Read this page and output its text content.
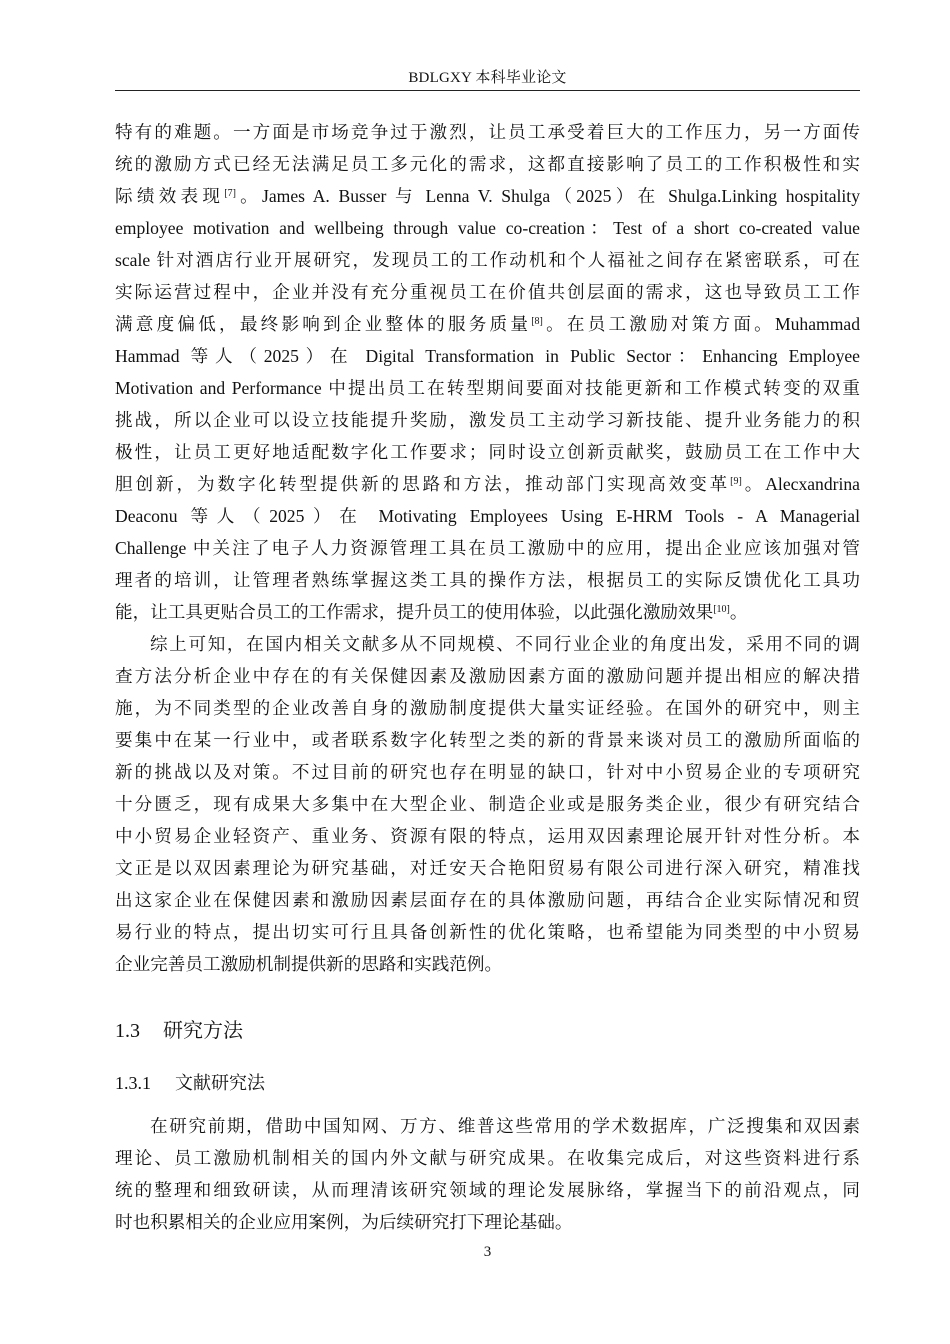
BDLGXY 本科毕业论文
特有的难题。一方面是市场竞争过于激烈，让员工承受着巨大的工作压力，另一方面传
统的激励方式已经无法满足员工多元化的需求，这都直接影响了员工的工作积极性和实
际绩效表现[7]。James A. Busser 与 Lenna V. Shulga（2025）在 Shulga.Linking hospitality
employee motivation and wellbeing through value co-creation：Test of a short co-created value
scale 针对酒店行业开展研究，发现员工的工作动机和个人福祉之间存在紧密联系，可在
实际运营过程中，企业并没有充分重视员工在价值共创层面的需求，这也导致员工工作
满意度偏低，最终影响到企业整体的服务质量[8]。在员工激励对策方面。Muhammad
Hammad 等人（2025）在 Digital Transformation in Public Sector：Enhancing Employee
Motivation and Performance 中提出员工在转型期间要面对技能更新和工作模式转变的双重
挑战，所以企业可以设立技能提升奖励，激发员工主动学习新技能、提升业务能力的积
极性，让员工更好地适配数字化工作要求；同时设立创新贡献奖，鼓励员工在工作中大
胆创新，为数字化转型提供新的思路和方法，推动部门实现高效变革[9]。Alecxandrina
Deaconu 等人（2025）在 Motivating Employees Using E-HRM Tools - A Managerial
Challenge 中关注了电子人力资源管理工具在员工激励中的应用，提出企业应该加强对管
理者的培训，让管理者熟练掌握这类工具的操作方法，根据员工的实际反馈优化工具功
能，让工具更贴合员工的工作需求，提升员工的使用体验，以此强化激励效果[10]。
综上可知，在国内相关文献多从不同规模、不同行业企业的角度出发，采用不同的调
查方法分析企业中存在的有关保健因素及激励因素方面的激励问题并提出相应的解决措
施，为不同类型的企业改善自身的激励制度提供大量实证经验。在国外的研究中，则主
要集中在某一行业中，或者联系数字化转型之类的新的背景来谈对员工的激励所面临的
新的挑战以及对策。不过目前的研究也存在明显的缺口，针对中小贸易企业的专项研究
十分匮乏，现有成果大多集中在大型企业、制造企业或是服务类企业，很少有研究结合
中小贸易企业轻资产、重业务、资源有限的特点，运用双因素理论展开针对性分析。本
文正是以双因素理论为研究基础，对迁安天合艳阳贸易有限公司进行深入研究，精准找
出这家企业在保健因素和激励因素层面存在的具体激励问题，再结合企业实际情况和贸
易行业的特点，提出切实可行且具备创新性的优化策略，也希望能为同类型的中小贸易
企业完善员工激励机制提供新的思路和实践范例。
1.3 研究方法
1.3.1 文献研究法
在研究前期，借助中国知网、万方、维普这些常用的学术数据库，广泛搜集和双因素
理论、员工激励机制相关的国内外文献与研究成果。在收集完成后，对这些资料进行系
统的整理和细致研读，从而理清该研究领域的理论发展脉络，掌握当下的前沿观点，同
时也积累相关的企业应用案例，为后续研究打下理论基础。
3
